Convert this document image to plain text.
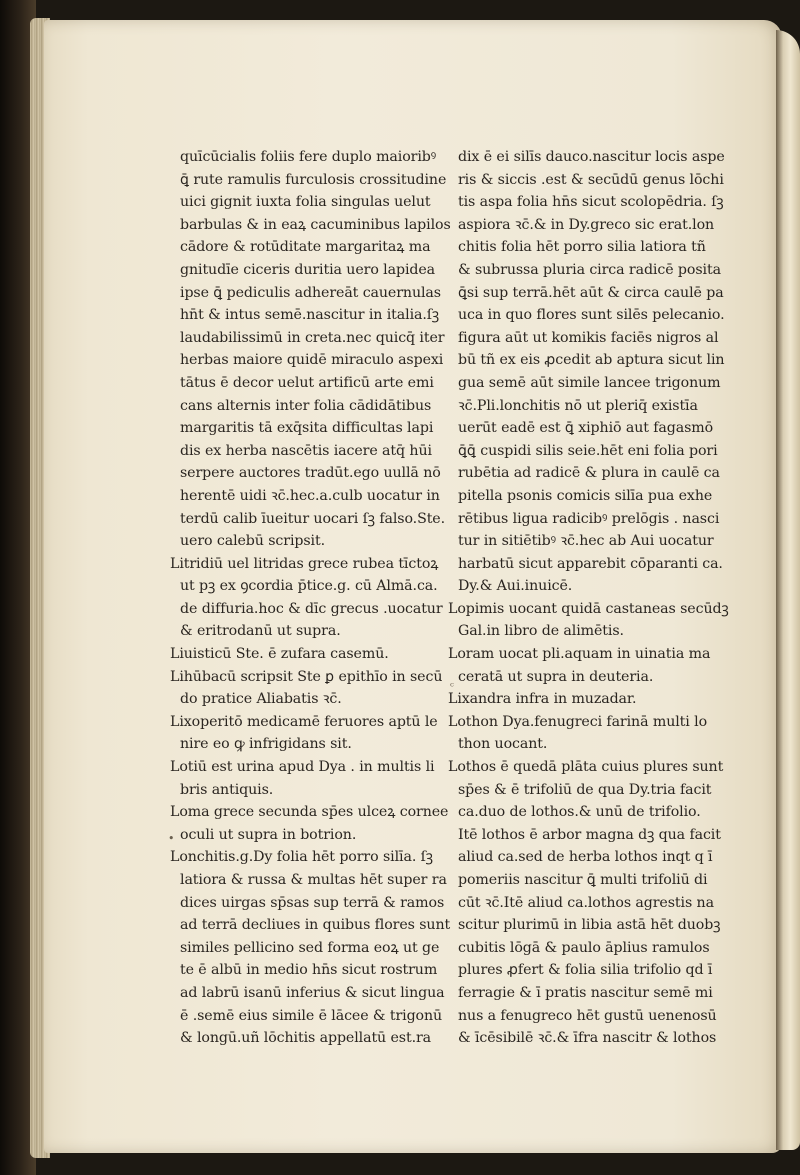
quīcūcialis foliis fere duplo maioribꝰ
ꝗ̄ rute ramulis furculosis crossitudine
uici gignit iuxta folia singulas uelut
barbulas & in eaꝝ cacuminibus lapilos
cādore & rotūditate margaritaꝝ ma
gnitudīe ciceris duritia uero lapidea
ipse ꝗ̄ pediculis adhereāt cauernulas
hn̄t & intus semē.nascitur in italia.ſꝫ
laudabilissimū in creta.nec quicq̄ iter
herbas maiore quidē miraculo aspexi
tātus ē decor uelut artificū arte emi
cans alternis inter folia cādidātibus
margaritis tā exq̄sita difficultas lapi
dis ex herba nascētis iacere atq̄ hūi
serpere auctores tradūt.ego uullā nō
herentē uidi ꝛc̄.hec.a.culb uocatur in
terdū calib īueitur uocari ſꝫ falso.Ste.
uero calebū scripsit.
Litridiū uel litridas grece rubea tīctoꝝ
ut pꝫ ex ꝯcordia p̄tice.g. cū Almā.ca.
de diffuria.hoc & dīc grecus .uocatur
& eritrodanū ut supra.
Liuisticū Ste. ē zufara casemū.
Lihūbacū scripsit Ste ꝑ epithīo in secū
do pratice Aliabatis ꝛc̄.
Lixoperitō medicamē feruores aptū le
nire eo ꝙ infrigidans sit.
Lotiū est urina apud Dya . in multis li
bris antiquis.
Loma grece secunda sp̄es ulceꝝ cornee
oculi ut supra in botrion.
Lonchitis.g.Dy folia hēt porro silīa. ſꝫ
latiora & russa & multas hēt super ra
dices uirgas sp̄sas sup terrā & ramos
ad terrā decliues in quibus flores sunt
similes pellicino sed forma eoꝝ ut ge
te ē albū in medio hn̄s sicut rostrum
ad labrū isanū inferius & sicut lingua
ē .semē eius simile ē lācee & trigonū
& longū.uñ lōchitis appellatū est.ra
dix ē ei silīs dauco.nascitur locis aspe
ris & siccis .est & secūdū genus lōchi
tis aspa folia hn̄s sicut scolopēdria. ſꝫ
aspiora ꝛc̄.& in Dy.greco sic erat.lon
chitis folia hēt porro silia latiora tñ
& subrussa pluria circa radicē posita
ꝗ̄si sup terrā.hēt aūt & circa caulē pa
uca in quo flores sunt silēs pelecanio.
figura aūt ut komikis faciēs nigros al
bū tñ ex eis ꝓcedit ab aptura sicut lin
gua semē aūt simile lancee trigonum
ꝛc̄.Pli.lonchitis nō ut pleriq̄ existīa
uerūt eadē est ꝗ̄ xiphiō aut fagasmō
ꝗ̄ꝗ̄ cuspidi silis seie.hēt eni folia pori
rubētia ad radicē & plura in caulē ca
pitella psonis comicis silīa pua exhe
rētibus ligua radicibꝰ prelōgis . nasci
tur in sitiētibꝰ ꝛc̄.hec ab Aui uocatur
harbatū sicut apparebit cōparanti ca.
Dy.& Aui.inuicē.
Lopimis uocant quidā castaneas secūdꝫ
Gal.in libro de alimētis.
Loram uocat pli.aquam in uinatia ma
ceratā ut supra in deuteria.
Lixandra infra in muzadar.
Lothon Dya.fenugreci farinā multi lo
thon uocant.
Lothos ē quedā plāta cuius plures sunt
sp̄es & ē trifoliū de qua Dy.tria facit
ca.duo de lothos.& unū de trifolio.
Itē lothos ē arbor magna dꝫ qua facit
aliud ca.sed de herba lothos inqt q ī
pomeriis nascitur ꝗ̄ multi trifoliū di
cūt ꝛc̄.Itē aliud ca.lothos agrestis na
scitur plurimū in libia astā hēt duobꝫ
cubitis lōgā & paulo āplius ramulos
plures ꝓfert & folia silia trifolio qd ī
ferragie & ī pratis nascitur semē mi
nus a fenugreco hēt gustū uenenosū
& īcēsibilē ꝛc̄.& īfra nascitr & lothos
•
ᶜ
